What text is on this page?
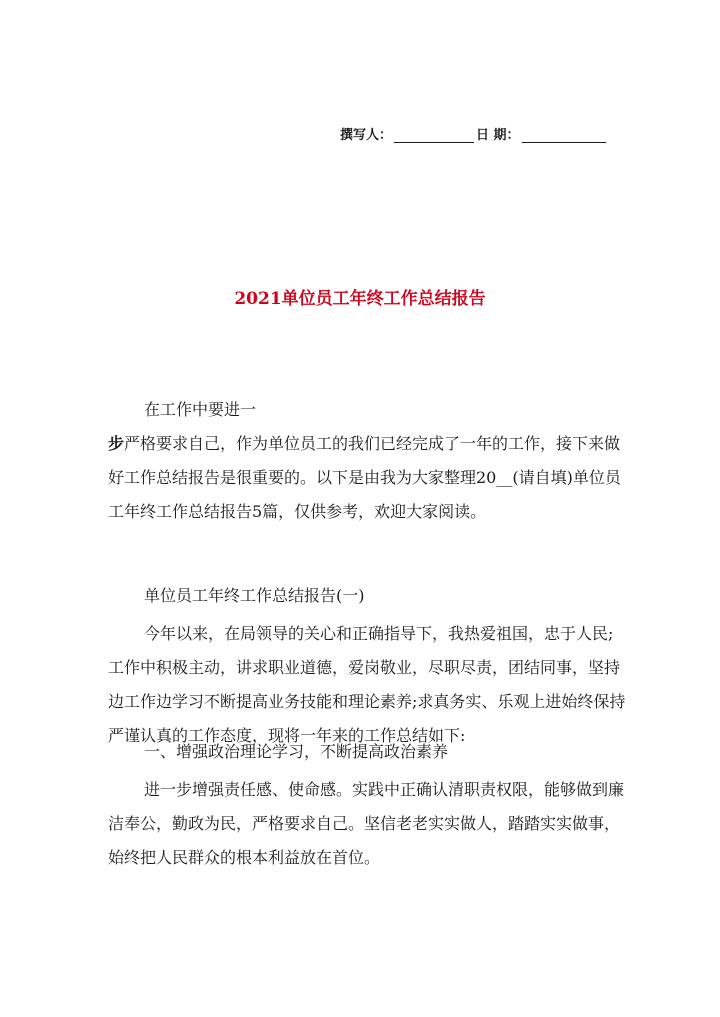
撰写人：	日 期：
2021单位员工年终工作总结报告

在工作中要进一

步严格要求自己，作为单位员工的我们已经完成了一年的工作，接下来做好工作总结报告是很重要的。以下是由我为大家整理20__(请自填)单位员工年终工作总结报告5篇，仅供参考，欢迎大家阅读。

单位员工年终工作总结报告(一)

今年以来，在局领导的关心和正确指导下，我热爱祖国，忠于人民;工作中积极主动，讲求职业道德，爱岗敬业，尽职尽责，团结同事，坚持边工作边学习不断提高业务技能和理论素养;求真务实、乐观上进始终保持严谨认真的工作态度，现将一年来的工作总结如下:

一、增强政治理论学习，不断提高政治素养

进一步增强责任感、使命感。实践中正确认清职责权限，能够做到廉洁奉公，勤政为民，严格要求自己。坚信老老实实做人，踏踏实实做事，始终把人民群众的根本利益放在首位。
